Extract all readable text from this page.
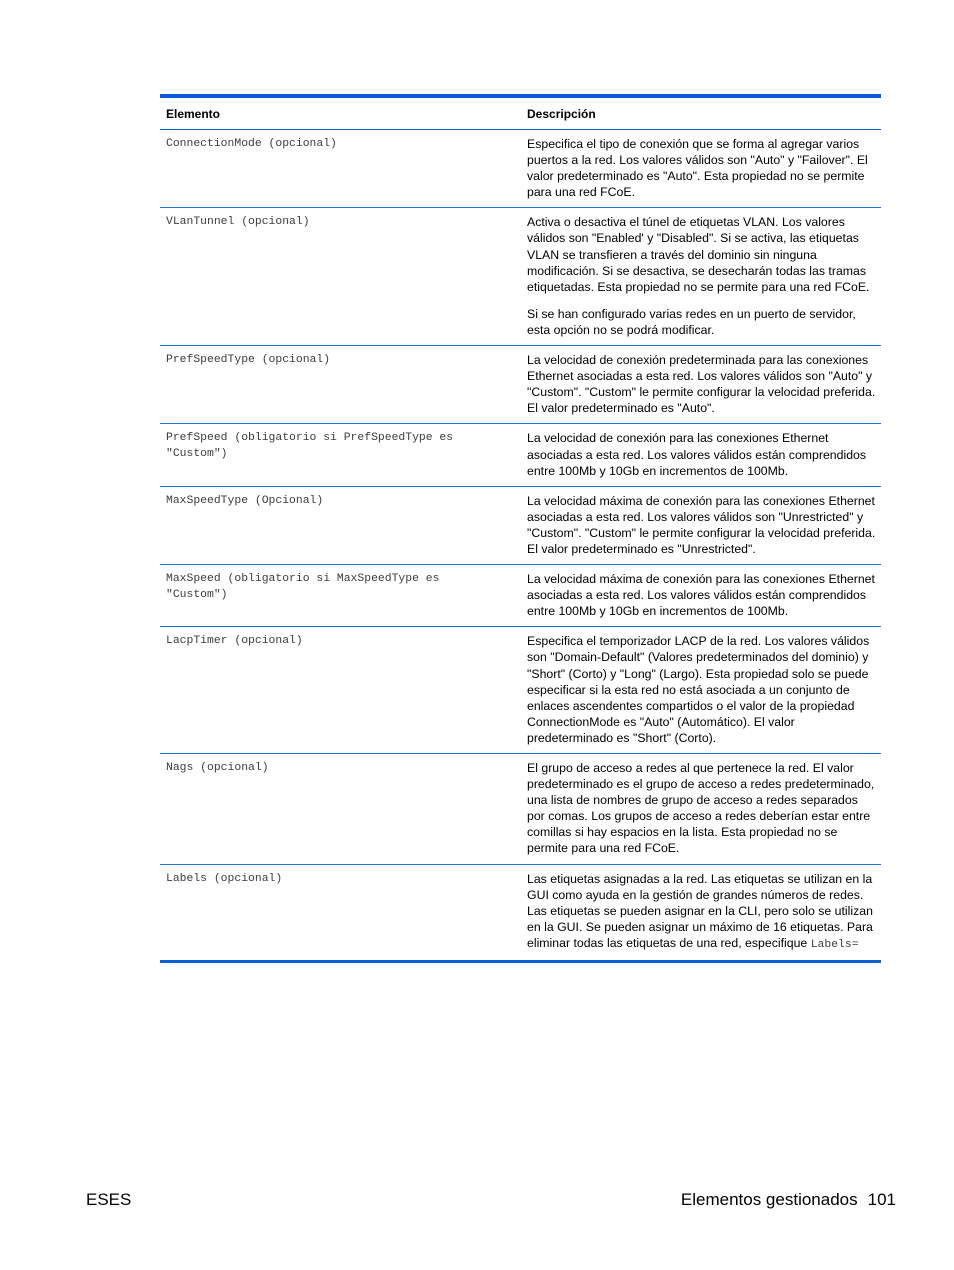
Elemento	Descripción
ConnectionMode (opcional)	Especifica el tipo de conexión que se forma al agregar varios puertos a la red. Los valores válidos son "Auto" y "Failover". El valor predeterminado es "Auto". Esta propiedad no se permite para una red FCoE.

VLanTunnel (opcional)	Activa o desactiva el túnel de etiquetas VLAN. Los valores válidos son "Enabled' y "Disabled". Si se activa, las etiquetas VLAN se transfieren a través del dominio sin ninguna modificación. Si se desactiva, se desecharán todas las tramas etiquetadas. Esta propiedad no se permite para una red FCoE.

Si se han configurado varias redes en un puerto de servidor, esta opción no se podrá modificar.

PrefSpeedType (opcional)	La velocidad de conexión predeterminada para las conexiones Ethernet asociadas a esta red. Los valores válidos son "Auto" y "Custom". "Custom" le permite configurar la velocidad preferida. El valor predeterminado es "Auto".

PrefSpeed (obligatorio si PrefSpeedType es "Custom")	La velocidad de conexión para las conexiones Ethernet asociadas a esta red. Los valores válidos están comprendidos entre 100Mb y 10Gb en incrementos de 100Mb.

MaxSpeedType (Opcional)	La velocidad máxima de conexión para las conexiones Ethernet asociadas a esta red. Los valores válidos son "Unrestricted" y "Custom". "Custom" le permite configurar la velocidad preferida. El valor predeterminado es "Unrestricted".

MaxSpeed (obligatorio si MaxSpeedType es "Custom")	La velocidad máxima de conexión para las conexiones Ethernet asociadas a esta red. Los valores válidos están comprendidos entre 100Mb y 10Gb en incrementos de 100Mb.

LacpTimer (opcional)	Especifica el temporizador LACP de la red. Los valores válidos son "Domain-Default" (Valores predeterminados del dominio) y "Short" (Corto) y "Long" (Largo). Esta propiedad solo se puede especificar si la esta red no está asociada a un conjunto de enlaces ascendentes compartidos o el valor de la propiedad ConnectionMode es "Auto" (Automático). El valor predeterminado es "Short" (Corto).

Nags (opcional)	El grupo de acceso a redes al que pertenece la red. El valor predeterminado es el grupo de acceso a redes predeterminado, una lista de nombres de grupo de acceso a redes separados por comas. Los grupos de acceso a redes deberían estar entre comillas si hay espacios en la lista. Esta propiedad no se permite para una red FCoE.

Labels (opcional)	Las etiquetas asignadas a la red. Las etiquetas se utilizan en la GUI como ayuda en la gestión de grandes números de redes. Las etiquetas se pueden asignar en la CLI, pero solo se utilizan en la GUI. Se pueden asignar un máximo de 16 etiquetas. Para eliminar todas las etiquetas de una red, especifique Labels=

ESES	Elementos gestionados 101
